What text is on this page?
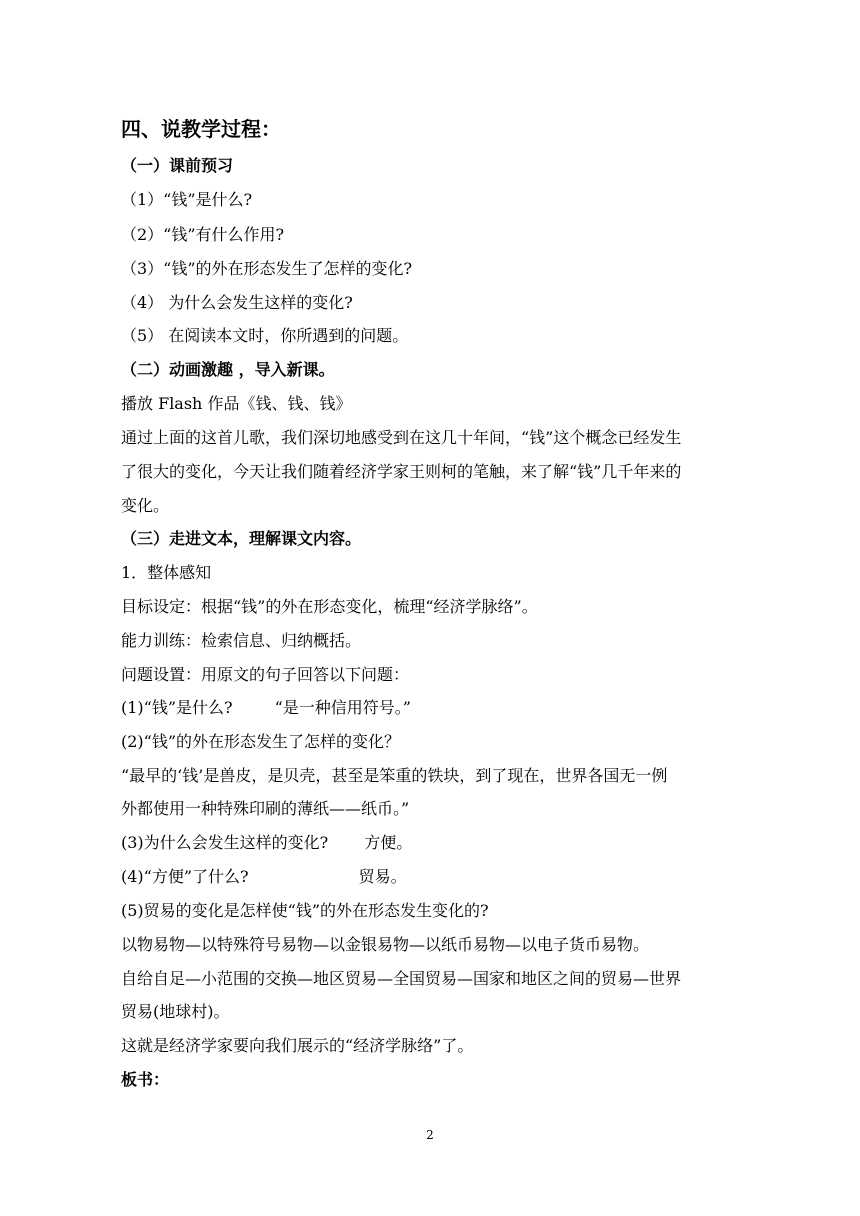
四、说教学过程：
（一）课前预习
（1）“钱”是什么?
（2）“钱”有什么作用?
（3）“钱”的外在形态发生了怎样的变化?
（4） 为什么会发生这样的变化?
（5） 在阅读本文时，你所遇到的问题。
（二）动画激趣 ，导入新课。
播放 Flash 作品《钱、钱、钱》
通过上面的这首儿歌，我们深切地感受到在这几十年间，“钱”这个概念已经发生
了很大的变化，今天让我们随着经济学家王则柯的笔触，来了解“钱”几千年来的
变化。
（三）走进文本，理解课文内容。
1．整体感知
目标设定：根据“钱”的外在形态变化，梳理“经济学脉络”。
能力训练：检索信息、归纳概括。
问题设置：用原文的句子回答以下问题：
(1)“钱”是什么?	“是一种信用符号。”
(2)“钱”的外在形态发生了怎样的变化？
“最早的‘钱’是兽皮，是贝壳，甚至是笨重的铁块，到了现在，世界各国无一例
外都使用一种特殊印刷的薄纸——纸币。”
(3)为什么会发生这样的变化? 方便。
(4)“方便”了什么?	贸易。
(5)贸易的变化是怎样使“钱”的外在形态发生变化的?
以物易物—以特殊符号易物—以金银易物—以纸币易物—以电子货币易物。
自给自足—小范围的交换—地区贸易—全国贸易—国家和地区之间的贸易—世界
贸易(地球村)。
这就是经济学家要向我们展示的“经济学脉络”了。
板书：
2
